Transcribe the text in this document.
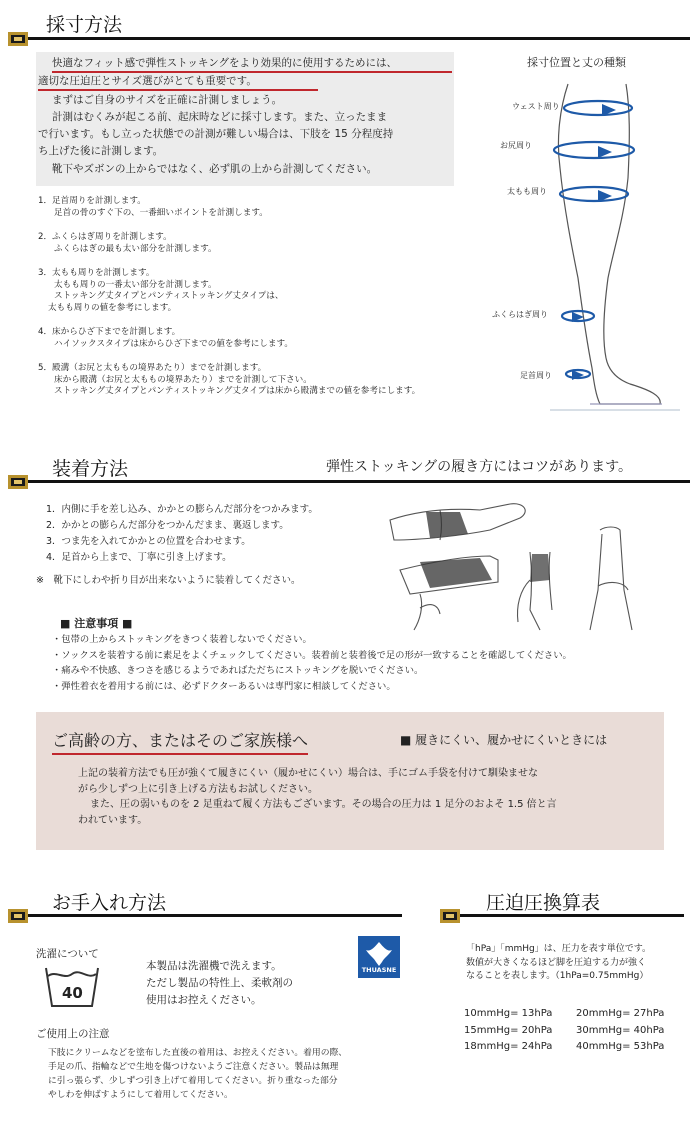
採寸方法
快適なフィット感で弾性ストッキングをより効果的に使用するためには、
適切な圧迫圧とサイズ選びがとても重要です。
まずはご自身のサイズを正確に計測しましょう。
計測はむくみが起こる前、起床時などに採寸します。また、立ったまま
で行います。もし立った状態での計測が難しい場合は、下肢を 15 分程度持
ち上げた後に計測します。
靴下やズボンの上からではなく、必ず肌の上から計測してください。
1．足首周りを計測します。
足首の骨のすぐ下の、一番細いポイントを計測します。
2．ふくらはぎ周りを計測します。
ふくらはぎの最も太い部分を計測します。
3．太もも周りを計測します。
太もも周りの一番太い部分を計測します。
ストッキング丈タイプとパンティストッキング丈タイプは、
太もも周りの値を参考にします。
4．床からひざ下までを計測します。
ハイソックスタイプは床からひざ下までの値を参考にします。
5．殿溝（お尻と太ももの境界あたり）までを計測します。
床から殿溝（お尻と太ももの境界あたり）までを計測して下さい。
ストッキング丈タイプとパンティストッキング丈タイプは床から殿溝までの値を参考にします。
採寸位置と丈の種類
ウェスト周り
お尻周り
太もも周り
ふくらはぎ周り
足首周り
装着方法	弾性ストッキングの履き方にはコツがあります。
1．内側に手を差し込み、かかとの膨らんだ部分をつかみます。
2．かかとの膨らんだ部分をつかんだまま、裏返します。
3．つま先を入れてかかとの位置を合わせます。
4．足首から上まで、丁寧に引き上げます。
※　靴下にしわや折り目が出来ないように装着してください。
■ 注意事項 ■
・包帯の上からストッキングをきつく装着しないでください。
・ソックスを装着する前に素足をよくチェックしてください。装着前と装着後で足の形が一致することを確認してください。
・痛みや不快感、きつさを感じるようであればただちにストッキングを脱いでください。
・弾性着衣を着用する前には、必ずドクターあるいは専門家に相談してください。
ご高齢の方、またはそのご家族様へ	■ 履きにくい、履かせにくいときには
上記の装着方法でも圧が強くて履きにくい（履かせにくい）場合は、手にゴム手袋を付けて馴染ませな
がら少しずつ上に引き上げる方法もお試しください。
また、圧の弱いものを 2 足重ねて履く方法もございます。その場合の圧力は 1 足分のおよそ 1.5 倍と言
われています。
お手入れ方法
洗濯について
40
本製品は洗濯機で洗えます。
ただし製品の特性上、柔軟剤の
使用はお控えください。
THUASNE
ご使用上の注意
下肢にクリームなどを塗布した直後の着用は、お控えください。着用の際、
手足の爪、指輪などで生地を傷つけないようご注意ください。製品は無理
に引っ張らず、少しずつ引き上げて着用してください。折り重なった部分
やしわを伸ばすようにして着用してください。
圧迫圧換算表
「hPa」「mmHg」は、圧力を表す単位です。
数値が大きくなるほど脚を圧迫する力が強く
なることを表します。（1hPa=0.75mmHg）
10mmHg= 13hPa 20mmHg= 27hPa
15mmHg= 20hPa 30mmHg= 40hPa
18mmHg= 24hPa 40mmHg= 53hPa
